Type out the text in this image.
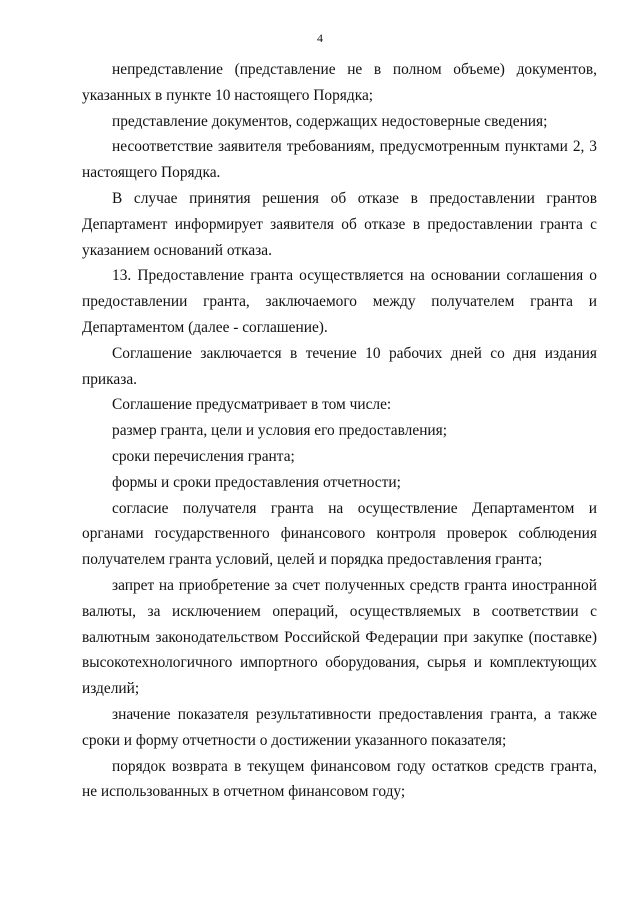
4

непредставление (представление не в полном объеме) документов, указанных в пункте 10 настоящего Порядка;

представление документов, содержащих недостоверные сведения;

несоответствие заявителя требованиям, предусмотренным пунктами 2, 3 настоящего Порядка.

В случае принятия решения об отказе в предоставлении грантов Департамент информирует заявителя об отказе в предоставлении гранта с указанием оснований отказа.

13. Предоставление гранта осуществляется на основании соглашения о предоставлении гранта, заключаемого между получателем гранта и Департаментом (далее - соглашение).

Соглашение заключается в течение 10 рабочих дней со дня издания приказа.

Соглашение предусматривает в том числе:

размер гранта, цели и условия его предоставления;

сроки перечисления гранта;

формы и сроки предоставления отчетности;

согласие получателя гранта на осуществление Департаментом и органами государственного финансового контроля проверок соблюдения получателем гранта условий, целей и порядка предоставления гранта;

запрет на приобретение за счет полученных средств гранта иностранной валюты, за исключением операций, осуществляемых в соответствии с валютным законодательством Российской Федерации при закупке (поставке) высокотехнологичного импортного оборудования, сырья и комплектующих изделий;

значение показателя результативности предоставления гранта, а также сроки и форму отчетности о достижении указанного показателя;

порядок возврата в текущем финансовом году остатков средств гранта, не использованных в отчетном финансовом году;
